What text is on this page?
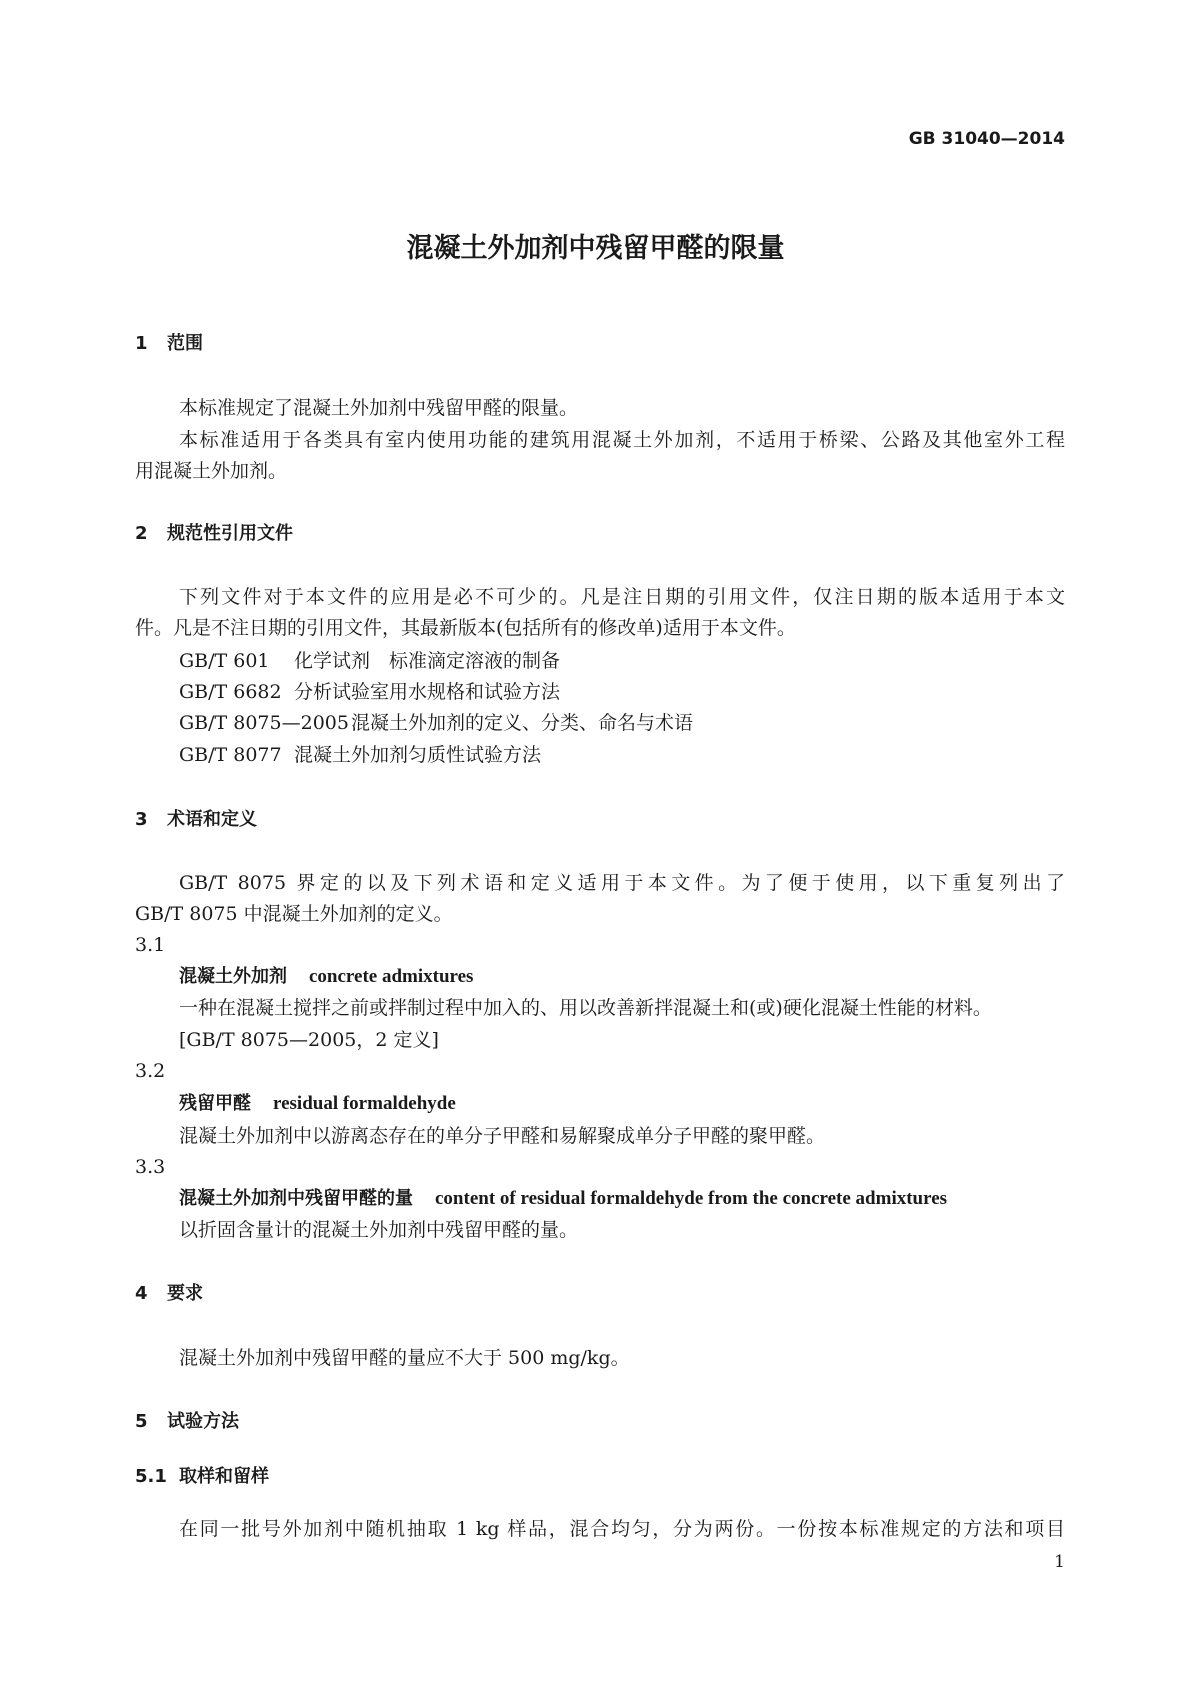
GB 31040—2014
混凝土外加剂中残留甲醛的限量
1 范围
本标准规定了混凝土外加剂中残留甲醛的限量。
本标准适用于各类具有室内使用功能的建筑用混凝土外加剂，不适用于桥梁、公路及其他室外工程
用混凝土外加剂。
2 规范性引用文件
下列文件对于本文件的应用是必不可少的。凡是注日期的引用文件，仅注日期的版本适用于本文
件。凡是不注日期的引用文件，其最新版本(包括所有的修改单)适用于本文件。
GB/T 601 化学试剂　标准滴定溶液的制备
GB/T 6682 分析试验室用水规格和试验方法
GB/T 8075—2005 混凝土外加剂的定义、分类、命名与术语
GB/T 8077 混凝土外加剂匀质性试验方法
3 术语和定义
GB/T 8075 界定的以及下列术语和定义适用于本文件。为了便于使用，以下重复列出了
GB/T 8075 中混凝土外加剂的定义。
3.1
混凝土外加剂 concrete admixtures
一种在混凝土搅拌之前或拌制过程中加入的、用以改善新拌混凝土和(或)硬化混凝土性能的材料。
[GB/T 8075—2005，2 定义]
3.2
残留甲醛 residual formaldehyde
混凝土外加剂中以游离态存在的单分子甲醛和易解聚成单分子甲醛的聚甲醛。
3.3
混凝土外加剂中残留甲醛的量 content of residual formaldehyde from the concrete admixtures
以折固含量计的混凝土外加剂中残留甲醛的量。
4 要求
混凝土外加剂中残留甲醛的量应不大于 500 mg/kg。
5 试验方法
5.1 取样和留样
在同一批号外加剂中随机抽取 1 kg 样品，混合均匀，分为两份。一份按本标准规定的方法和项目
1
